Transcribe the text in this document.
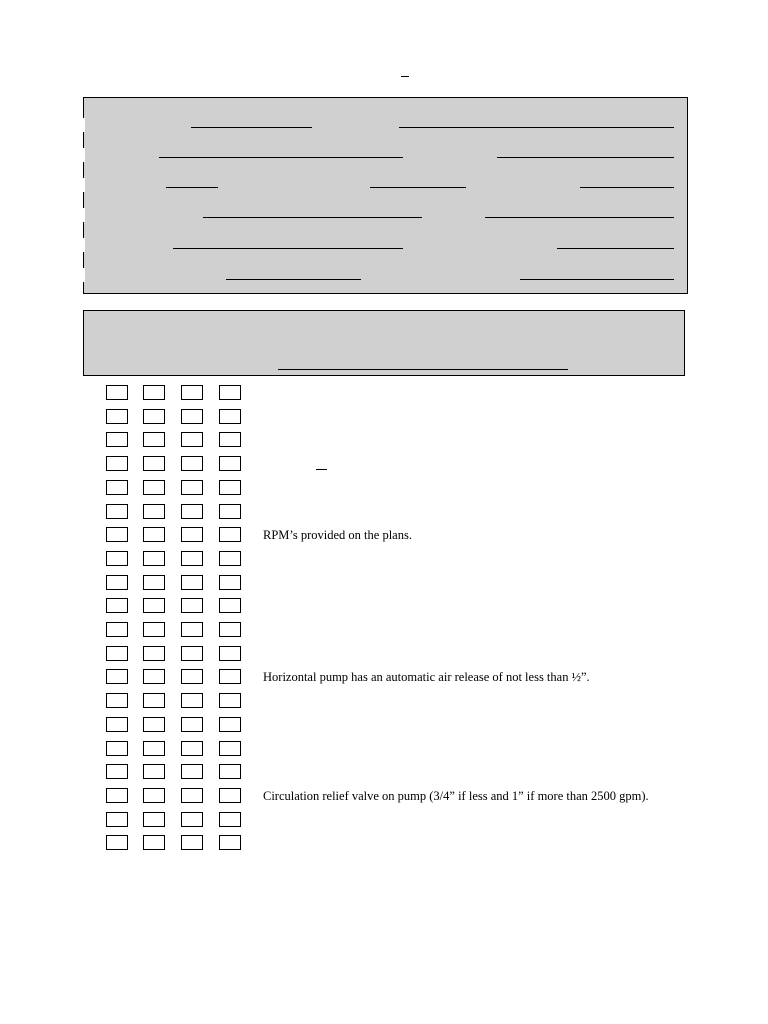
RPM’s provided on the plans.
Horizontal pump has an automatic air release of not less than ½”.
Circulation relief valve on pump (3/4” if less and 1” if more than 2500 gpm).
